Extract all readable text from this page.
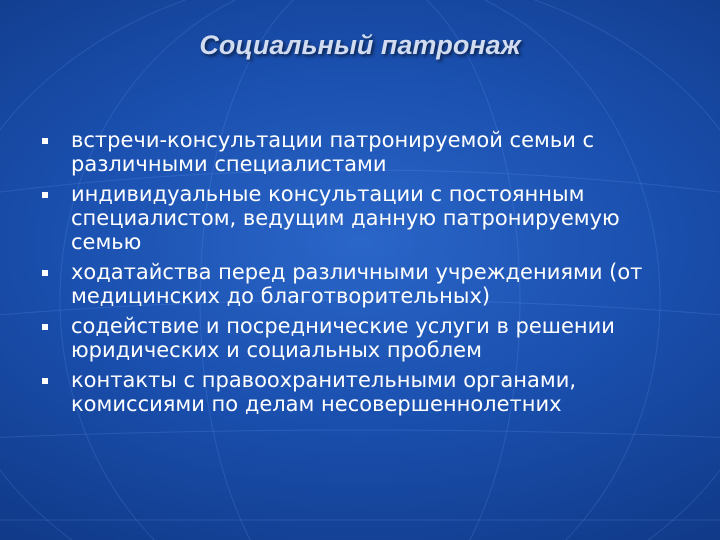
Социальный патронаж
встречи-консультации патронируемой семьи с различными специалистами
индивидуальные консультации с постоянным специалистом, ведущим данную патронируемую семью
ходатайства перед различными учреждениями (от медицинских до благотворительных)
содействие и посреднические услуги в решении юридических и социальных проблем
контакты с правоохранительными органами, комиссиями по делам несовершеннолетних
